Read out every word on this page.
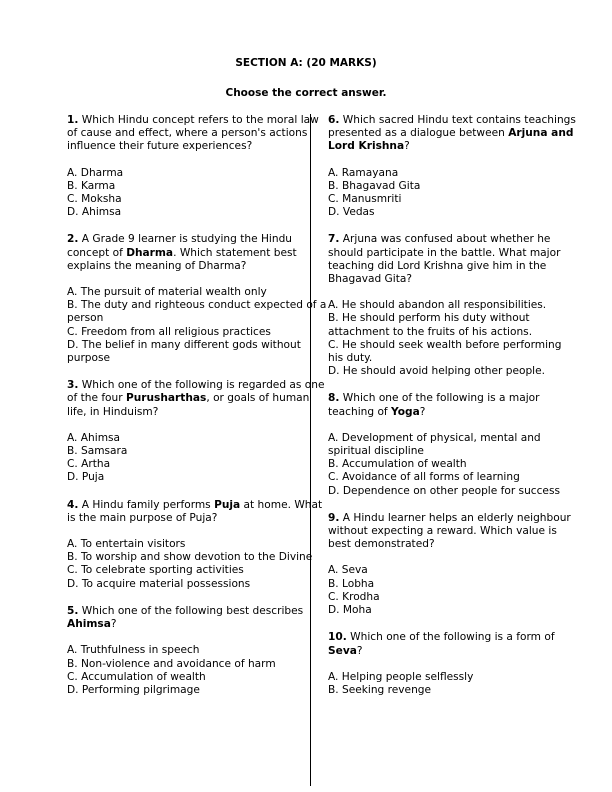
SECTION A: (20 MARKS)
Choose the correct answer.

1. Which Hindu concept refers to the moral law of cause and effect, where a person's actions influence their future experiences?

A. Dharma
B. Karma
C. Moksha
D. Ahimsa

2. A Grade 9 learner is studying the Hindu concept of Dharma. Which statement best explains the meaning of Dharma?

A. The pursuit of material wealth only
B. The duty and righteous conduct expected of a person
C. Freedom from all religious practices
D. The belief in many different gods without purpose

3. Which one of the following is regarded as one of the four Purusharthas, or goals of human life, in Hinduism?

A. Ahimsa
B. Samsara
C. Artha
D. Puja

4. A Hindu family performs Puja at home. What is the main purpose of Puja?

A. To entertain visitors
B. To worship and show devotion to the Divine
C. To celebrate sporting activities
D. To acquire material possessions

5. Which one of the following best describes Ahimsa?

A. Truthfulness in speech
B. Non-violence and avoidance of harm
C. Accumulation of wealth
D. Performing pilgrimage

6. Which sacred Hindu text contains teachings presented as a dialogue between Arjuna and Lord Krishna?

A. Ramayana
B. Bhagavad Gita
C. Manusmriti
D. Vedas

7. Arjuna was confused about whether he should participate in the battle. What major teaching did Lord Krishna give him in the Bhagavad Gita?

A. He should abandon all responsibilities.
B. He should perform his duty without attachment to the fruits of his actions.
C. He should seek wealth before performing his duty.
D. He should avoid helping other people.

8. Which one of the following is a major teaching of Yoga?

A. Development of physical, mental and spiritual discipline
B. Accumulation of wealth
C. Avoidance of all forms of learning
D. Dependence on other people for success

9. A Hindu learner helps an elderly neighbour without expecting a reward. Which value is best demonstrated?

A. Seva
B. Lobha
C. Krodha
D. Moha

10. Which one of the following is a form of Seva?

A. Helping people selflessly
B. Seeking revenge
